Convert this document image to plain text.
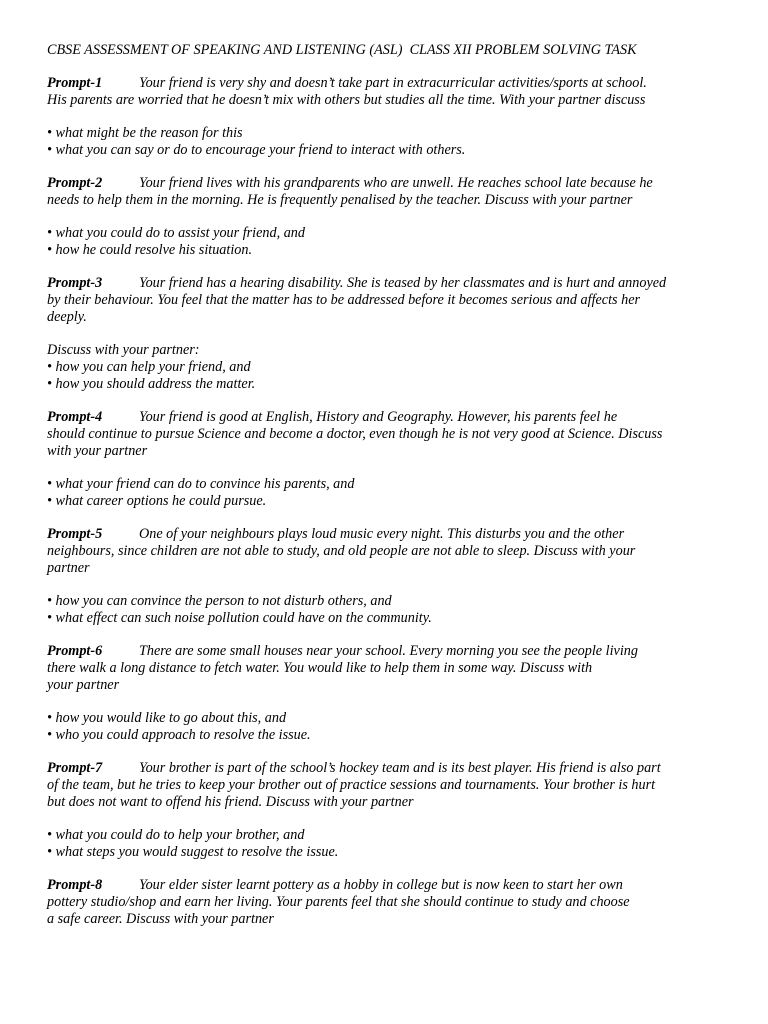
CBSE ASSESSMENT OF SPEAKING AND LISTENING (ASL)  CLASS XII PROBLEM SOLVING TASK
Prompt-1	Your friend is very shy and doesn’t take part in extracurricular activities/sports at school.
His parents are worried that he doesn’t mix with others but studies all the time. With your partner discuss
• what might be the reason for this
• what you can say or do to encourage your friend to interact with others.
Prompt-2	Your friend lives with his grandparents who are unwell. He reaches school late because he
needs to help them in the morning. He is frequently penalised by the teacher. Discuss with your partner
• what you could do to assist your friend, and
• how he could resolve his situation.
Prompt-3	Your friend has a hearing disability. She is teased by her classmates and is hurt and annoyed
by their behaviour. You feel that the matter has to be addressed before it becomes serious and affects her
deeply.
Discuss with your partner:
• how you can help your friend, and
• how you should address the matter.
Prompt-4	Your friend is good at English, History and Geography. However, his parents feel he
should continue to pursue Science and become a doctor, even though he is not very good at Science. Discuss
with your partner
• what your friend can do to convince his parents, and
• what career options he could pursue.
Prompt-5	One of your neighbours plays loud music every night. This disturbs you and the other
neighbours, since children are not able to study, and old people are not able to sleep. Discuss with your
partner
• how you can convince the person to not disturb others, and
• what effect can such noise pollution could have on the community.
Prompt-6	There are some small houses near your school. Every morning you see the people living
there walk a long distance to fetch water. You would like to help them in some way. Discuss with
your partner
• how you would like to go about this, and
• who you could approach to resolve the issue.
Prompt-7	Your brother is part of the school’s hockey team and is its best player. His friend is also part
of the team, but he tries to keep your brother out of practice sessions and tournaments. Your brother is hurt
but does not want to offend his friend. Discuss with your partner
• what you could do to help your brother, and
• what steps you would suggest to resolve the issue.
Prompt-8	Your elder sister learnt pottery as a hobby in college but is now keen to start her own
pottery studio/shop and earn her living. Your parents feel that she should continue to study and choose
a safe career. Discuss with your partner
